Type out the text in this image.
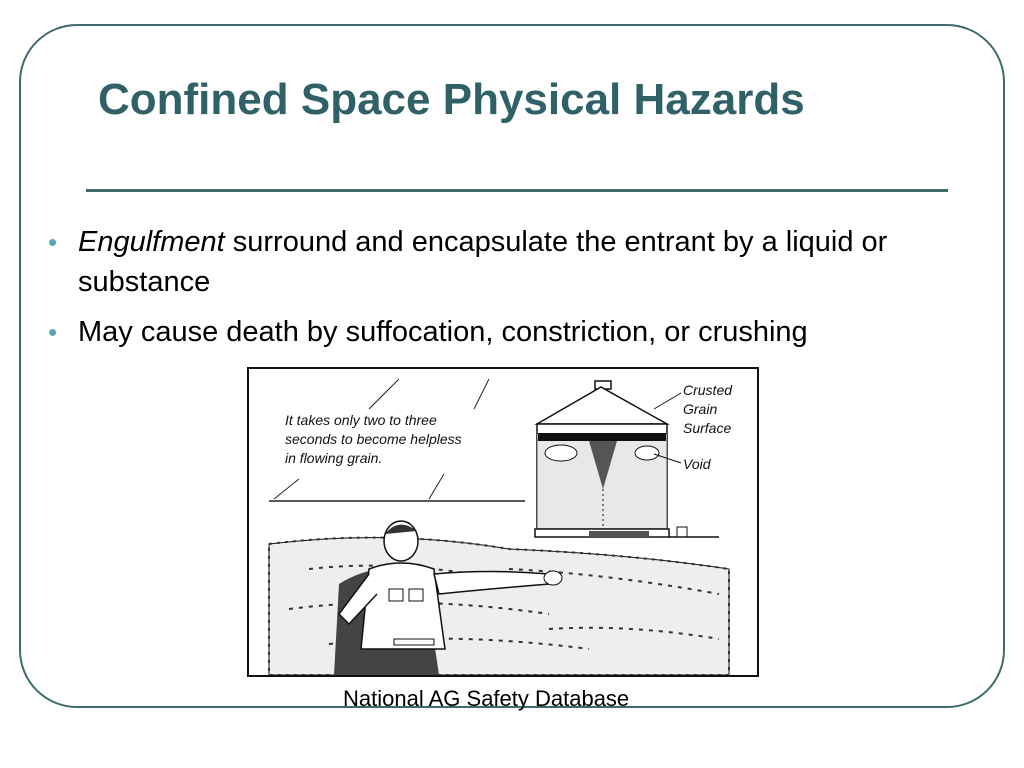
Confined Space Physical Hazards
• Engulfment surround and encapsulate the entrant by a liquid or substance
• May cause death by suffocation, constriction, or crushing
It takes only two to three
seconds to become helpless
in flowing grain.
Crusted
Grain
Surface
Void
National AG Safety Database
